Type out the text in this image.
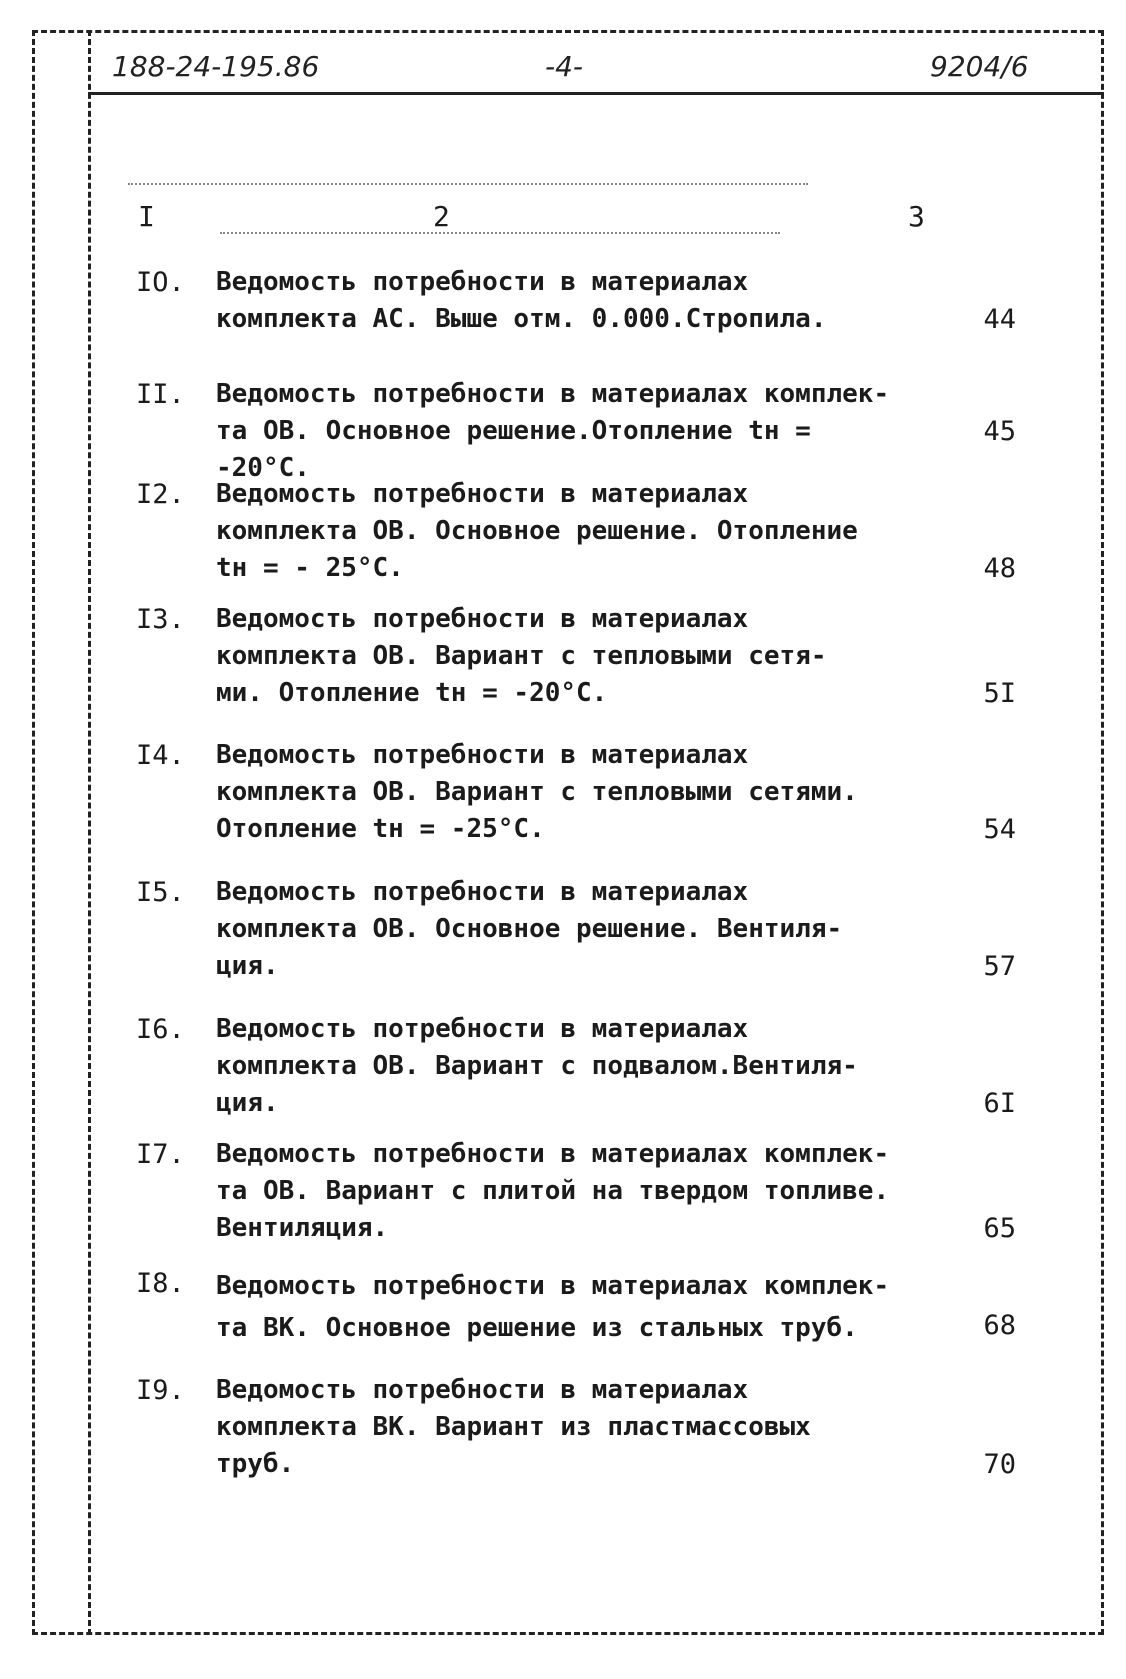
188-24-195.86	-4-	9204/6
I	2	3
IO.	Ведомость потребности в материалах
комплекта АС. Выше отм. 0.000.Стропила.	44
II.	Ведомость потребности в материалах комплек-
та ОВ. Основное решение.Отопление tн = -20°С.
45
I2.	Ведомость потребности в материалах
комплекта ОВ. Основное решение. Отопление
tн = - 25°С.	48
I3.	Ведомость потребности в материалах
комплекта ОВ. Вариант с тепловыми сетя-
ми. Отопление tн = -20°С.	5I
I4.	Ведомость потребности в материалах
комплекта ОВ. Вариант с тепловыми сетями.
Отопление tн = -25°С.	54
I5.	Ведомость потребности в материалах
комплекта ОВ. Основное решение. Вентиля-
ция.	57
I6.	Ведомость потребности в материалах
комплекта ОВ. Вариант с подвалом.Вентиля-
ция.	6I
I7.	Ведомость потребности в материалах комплек-
та ОВ. Вариант с плитой на твердом топливе.
Вентиляция.	65
I8.	Ведомость потребности в материалах комплек-
та ВК. Основное решение из стальных труб.	68
I9.	Ведомость потребности в материалах
комплекта ВК. Вариант из пластмассовых
труб.	70
